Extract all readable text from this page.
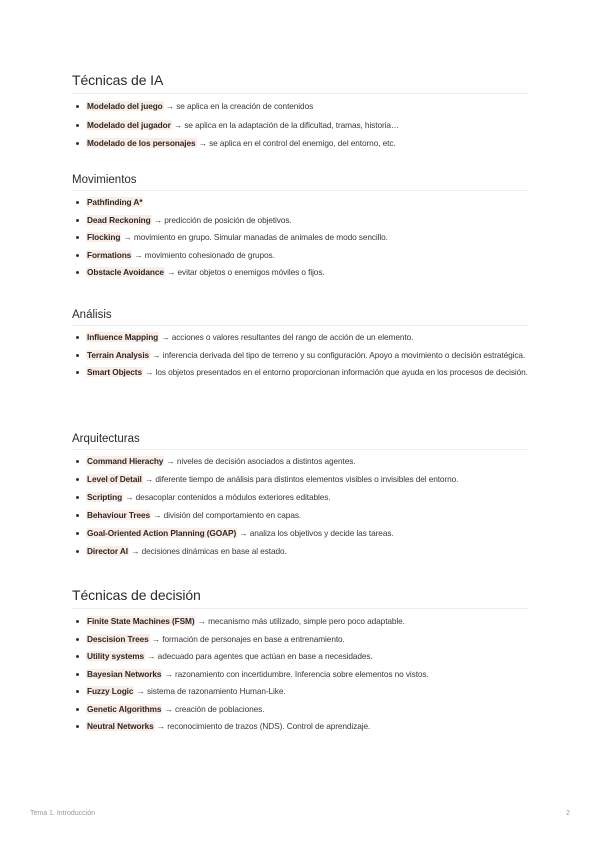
Técnicas de IA
Modelado del juego → se aplica en la creación de contenidos
Modelado del jugador → se aplica en la adaptación de la dificultad, tramas, historia…
Modelado de los personajes → se aplica en el control del enemigo, del entorno, etc.
Movimientos
Pathfinding A*
Dead Reckoning → predicción de posición de objetivos.
Flocking → movimiento en grupo. Simular manadas de animales de modo sencillo.
Formations → movimiento cohesionado de grupos.
Obstacle Avoidance → evitar objetos o enemigos móviles o fijos.
Análisis
Influence Mapping → acciones o valores resultantes del rango de acción de un elemento.
Terrain Analysis → inferencia derivada del tipo de terreno y su configuración. Apoyo a movimiento o decisión estratégica.
Smart Objects → los objetos presentados en el entorno proporcionan información que ayuda en los procesos de decisión.
Arquitecturas
Command Hierachy → niveles de decisión asociados a distintos agentes.
Level of Detail → diferente tiempo de análisis para distintos elementos visibles o invisibles del entorno.
Scripting → desacoplar contenidos a módulos exteriores editables.
Behaviour Trees → división del comportamiento en capas.
Goal-Oriented Action Planning (GOAP) → analiza los objetivos y decide las tareas.
Director AI → decisiones dinámicas en base al estado.
Técnicas de decisión
Finite State Machines (FSM) → mecanismo más utilizado, simple pero poco adaptable.
Descision Trees → formación de personajes en base a entrenamiento.
Utility systems → adecuado para agentes que actúan en base a necesidades.
Bayesian Networks → razonamiento con incertidumbre. Inferencia sobre elementos no vistos.
Fuzzy Logic → sistema de razonamiento Human-Like.
Genetic Algorithms → creación de poblaciones.
Neutral Networks → reconocimiento de trazos (NDS). Control de aprendizaje.
Tema 1. Introducción	2
